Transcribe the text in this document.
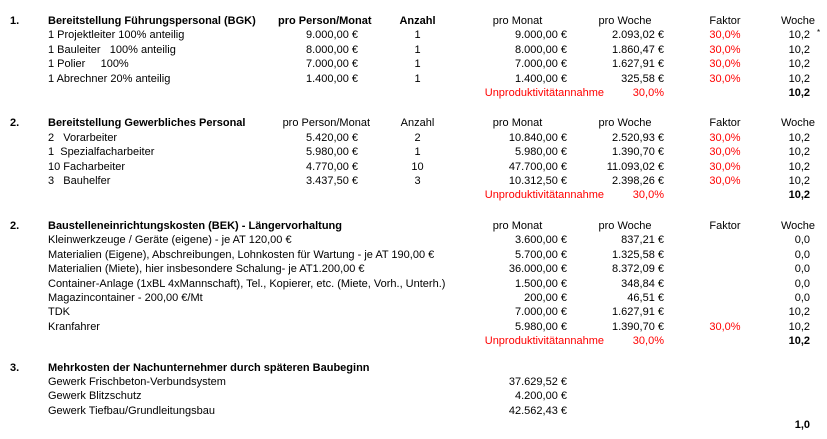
1.	Bereitstellung Führungspersonal (BGK)	pro Person/Monat	Anzahl	pro Monat	pro Woche	Faktor	Woche	
	1 Projektleiter 100% anteilig	9.000,00 €	1	9.000,00 €	2.093,02 €	30,0%	10,2	*
	1 Bauleiter   100% anteilig	8.000,00 €	1	8.000,00 €	1.860,47 €	30,0%	10,2	
	1 Polier     100%	7.000,00 €	1	7.000,00 €	1.627,91 €	30,0%	10,2	
	1 Abrechner 20% anteilig	1.400,00 €	1	1.400,00 €	325,58 €	30,0%	10,2	
	Unproduktivitätannahme				30,0%		10,2	
2.	Bereitstellung Gewerbliches Personal	pro Person/Monat	Anzahl	pro Monat	pro Woche	Faktor	Woche	
	2   Vorarbeiter	5.420,00 €	2	10.840,00 €	2.520,93 €	30,0%	10,2	
	1  Spezialfacharbeiter	5.980,00 €	1	5.980,00 €	1.390,70 €	30,0%	10,2	
	10 Facharbeiter	4.770,00 €	10	47.700,00 €	11.093,02 €	30,0%	10,2	
	3   Bauhelfer	3.437,50 €	3	10.312,50 €	2.398,26 €	30,0%	10,2	
	Unproduktivitätannahme				30,0%		10,2	
2.	Baustelleneinrichtungskosten (BEK) - Längervorhaltung	pro Monat	pro Woche	Faktor	Woche	
	Kleinwerkzeuge / Geräte (eigene) - je AT 120,00 €	3.600,00 €	837,21 €		0,0	
	Materialien (Eigene), Abschreibungen, Lohnkosten für Wartung - je AT 190,00 €	5.700,00 €	1.325,58 €		0,0	
	Materialien (Miete), hier insbesondere Schalung- je AT1.200,00 €	36.000,00 €	8.372,09 €		0,0	
	Container-Anlage (1xBL 4xMannschaft), Tel., Kopierer, etc. (Miete, Vorh., Unterh.)	1.500,00 €	348,84 €		0,0	
	Magazincontainer - 200,00 €/Mt	200,00 €	46,51 €		0,0	
	TDK	7.000,00 €	1.627,91 €		10,2	
	Kranfahrer	5.980,00 €	1.390,70 €	30,0%	10,2	
	Unproduktivitätannahme		30,0%		10,2	
3.	Mehrkosten der Nachunternehmer durch späteren Baubeginn				
	Gewerk Frischbeton-Verbundsystem	37.629,52 €			
	Gewerk Blitzschutz	4.200,00 €			
	Gewerk Tiefbau/Grundleitungsbau	42.562,43 €			
				1,0	
